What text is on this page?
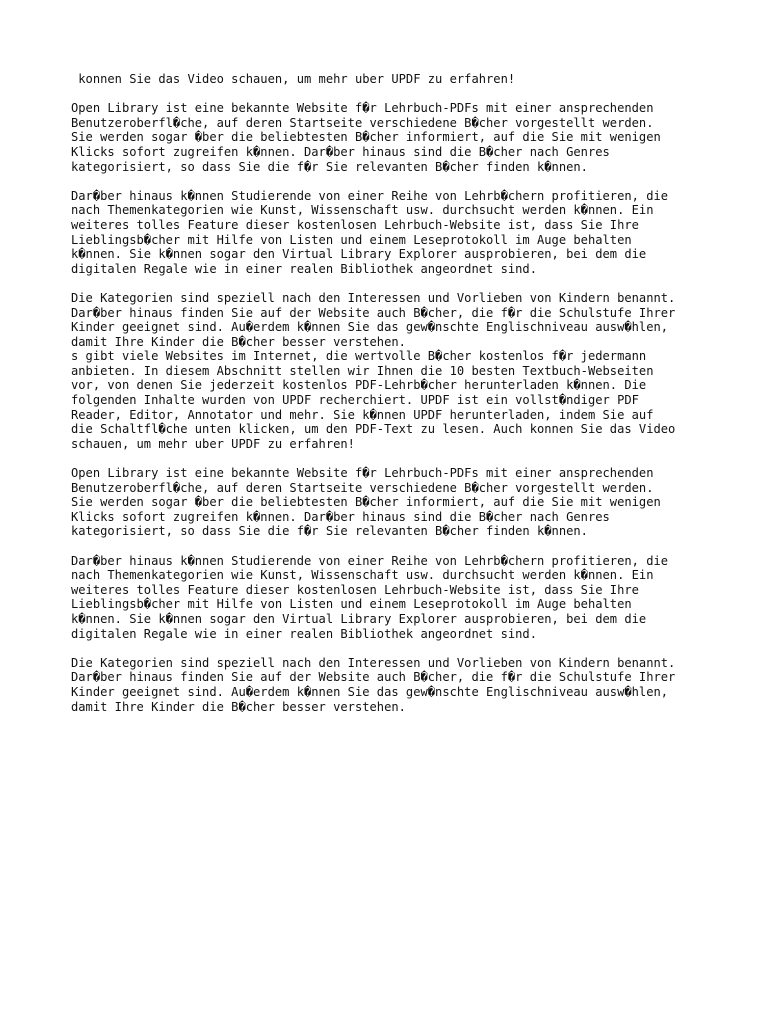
konnen Sie das Video schauen, um mehr uber UPDF zu erfahren!
Open Library ist eine bekannte Website f�r Lehrbuch-PDFs mit einer ansprechenden
Benutzeroberfl�che, auf deren Startseite verschiedene B�cher vorgestellt werden.
Sie werden sogar �ber die beliebtesten B�cher informiert, auf die Sie mit wenigen
Klicks sofort zugreifen k�nnen. Dar�ber hinaus sind die B�cher nach Genres
kategorisiert, so dass Sie die f�r Sie relevanten B�cher finden k�nnen.
Dar�ber hinaus k�nnen Studierende von einer Reihe von Lehrb�chern profitieren, die
nach Themenkategorien wie Kunst, Wissenschaft usw. durchsucht werden k�nnen. Ein
weiteres tolles Feature dieser kostenlosen Lehrbuch-Website ist, dass Sie Ihre
Lieblingsb�cher mit Hilfe von Listen und einem Leseprotokoll im Auge behalten
k�nnen. Sie k�nnen sogar den Virtual Library Explorer ausprobieren, bei dem die
digitalen Regale wie in einer realen Bibliothek angeordnet sind.
Die Kategorien sind speziell nach den Interessen und Vorlieben von Kindern benannt.
Dar�ber hinaus finden Sie auf der Website auch B�cher, die f�r die Schulstufe Ihrer
Kinder geeignet sind. Au�erdem k�nnen Sie das gew�nschte Englischniveau ausw�hlen,
damit Ihre Kinder die B�cher besser verstehen.
s gibt viele Websites im Internet, die wertvolle B�cher kostenlos f�r jedermann
anbieten. In diesem Abschnitt stellen wir Ihnen die 10 besten Textbuch-Webseiten
vor, von denen Sie jederzeit kostenlos PDF-Lehrb�cher herunterladen k�nnen. Die
folgenden Inhalte wurden von UPDF recherchiert. UPDF ist ein vollst�ndiger PDF
Reader, Editor, Annotator und mehr. Sie k�nnen UPDF herunterladen, indem Sie auf
die Schaltfl�che unten klicken, um den PDF-Text zu lesen. Auch konnen Sie das Video
schauen, um mehr uber UPDF zu erfahren!
Open Library ist eine bekannte Website f�r Lehrbuch-PDFs mit einer ansprechenden
Benutzeroberfl�che, auf deren Startseite verschiedene B�cher vorgestellt werden.
Sie werden sogar �ber die beliebtesten B�cher informiert, auf die Sie mit wenigen
Klicks sofort zugreifen k�nnen. Dar�ber hinaus sind die B�cher nach Genres
kategorisiert, so dass Sie die f�r Sie relevanten B�cher finden k�nnen.
Dar�ber hinaus k�nnen Studierende von einer Reihe von Lehrb�chern profitieren, die
nach Themenkategorien wie Kunst, Wissenschaft usw. durchsucht werden k�nnen. Ein
weiteres tolles Feature dieser kostenlosen Lehrbuch-Website ist, dass Sie Ihre
Lieblingsb�cher mit Hilfe von Listen und einem Leseprotokoll im Auge behalten
k�nnen. Sie k�nnen sogar den Virtual Library Explorer ausprobieren, bei dem die
digitalen Regale wie in einer realen Bibliothek angeordnet sind.
Die Kategorien sind speziell nach den Interessen und Vorlieben von Kindern benannt.
Dar�ber hinaus finden Sie auf der Website auch B�cher, die f�r die Schulstufe Ihrer
Kinder geeignet sind. Au�erdem k�nnen Sie das gew�nschte Englischniveau ausw�hlen,
damit Ihre Kinder die B�cher besser verstehen.
